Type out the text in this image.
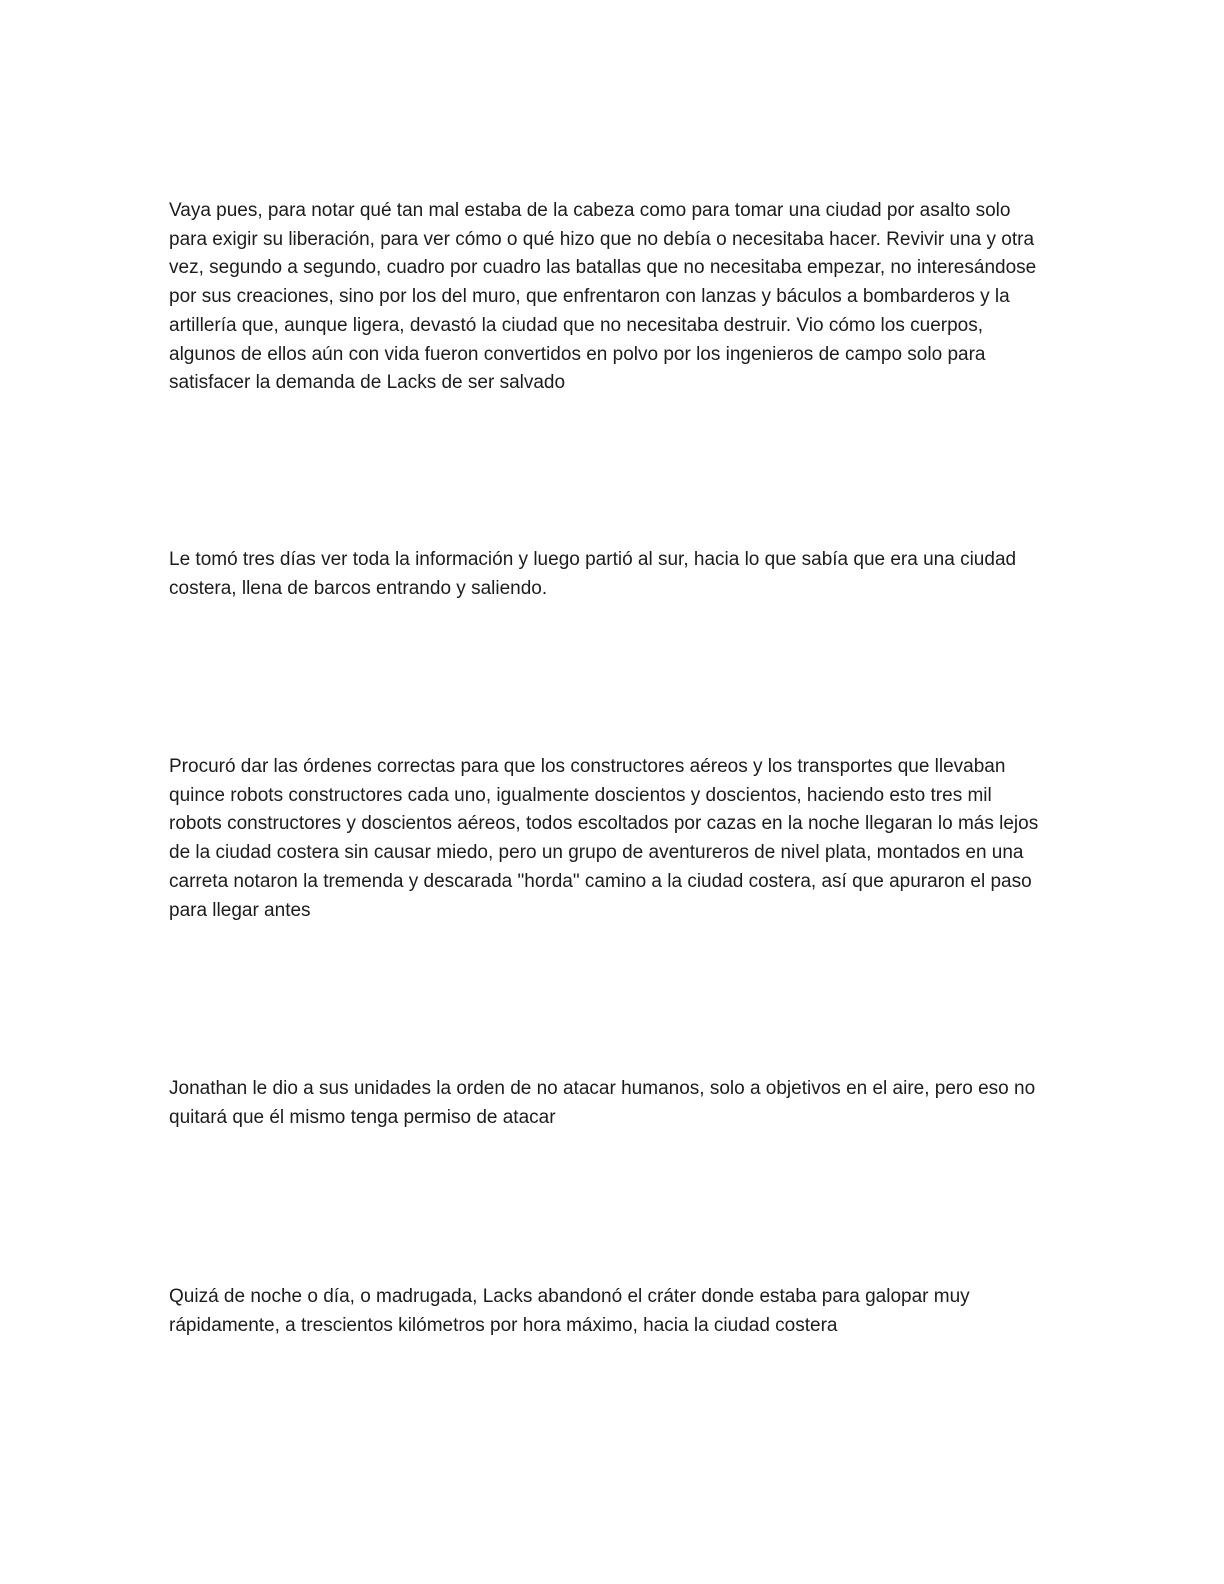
Vaya pues, para notar qué tan mal estaba de la cabeza como para tomar una ciudad por asalto solo para exigir su liberación, para ver cómo o qué hizo que no debía o necesitaba hacer. Revivir una y otra vez, segundo a segundo, cuadro por cuadro las batallas que no necesitaba empezar, no interesándose por sus creaciones, sino por los del muro, que enfrentaron con lanzas y báculos a bombarderos y la artillería que, aunque ligera, devastó la ciudad que no necesitaba destruir. Vio cómo los cuerpos, algunos de ellos aún con vida fueron convertidos en polvo por los ingenieros de campo solo para satisfacer la demanda de Lacks de ser salvado

Le tomó tres días ver toda la información y luego partió al sur, hacia lo que sabía que era una ciudad costera, llena de barcos entrando y saliendo.

Procuró dar las órdenes correctas para que los constructores aéreos y los transportes que llevaban quince robots constructores cada uno, igualmente doscientos y doscientos, haciendo esto tres mil robots constructores y doscientos aéreos, todos escoltados por cazas en la noche llegaran lo más lejos de la ciudad costera sin causar miedo, pero un grupo de aventureros de nivel plata, montados en una carreta notaron la tremenda y descarada "horda" camino a la ciudad costera, así que apuraron el paso para llegar antes

Jonathan le dio a sus unidades la orden de no atacar humanos, solo a objetivos en el aire, pero eso no quitará que él mismo tenga permiso de atacar

Quizá de noche o día, o madrugada, Lacks abandonó el cráter donde estaba para galopar muy rápidamente, a trescientos kilómetros por hora máximo, hacia la ciudad costera
